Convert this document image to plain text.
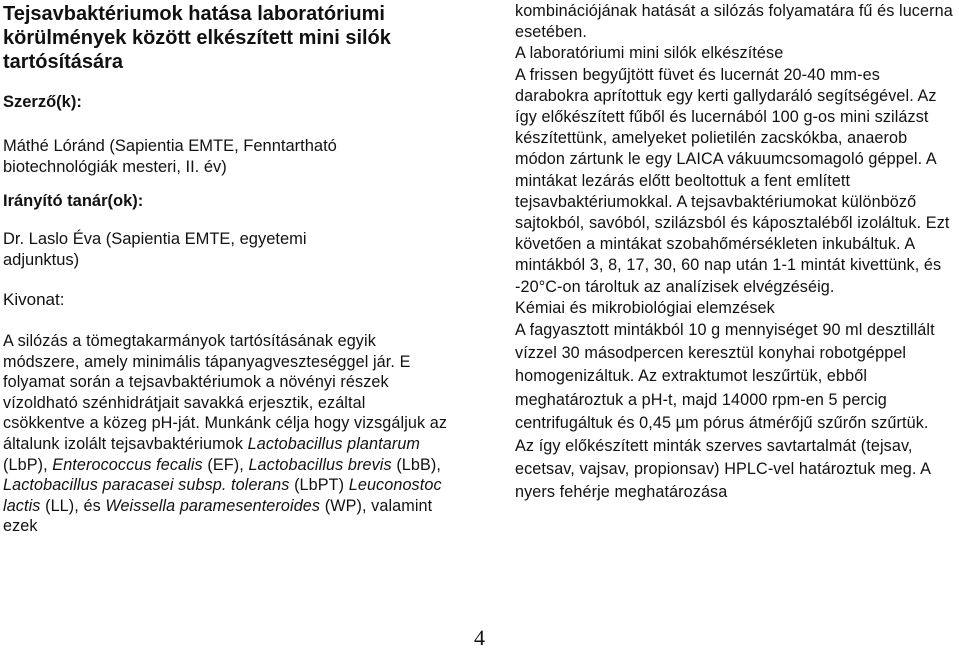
Tejsavbaktériumok hatása laboratóriumi körülmények között elkészített mini silók tartósítására

Szerző(k):

Máthé Lóránd (Sapientia EMTE, Fenntartható biotechnológiák mesteri, II. év)

Irányító tanár(ok):

Dr. Laslo Éva (Sapientia EMTE, egyetemi adjunktus)

Kivonat:

A silózás a tömegtakarmányok tartósításának egyik módszere, amely minimális tápanyagveszteséggel jár. E folyamat során a tejsavbaktériumok a növényi részek vízoldható szénhidrátjait savakká erjesztik, ezáltal csökkentve a közeg pH-ját. Munkánk célja hogy vizsgáljuk az általunk izolált tejsavbaktériumok Lactobacillus plantarum (LbP), Enterococcus fecalis (EF), Lactobacillus brevis (LbB), Lactobacillus paracasei subsp. tolerans (LbPT) Leuconostoc lactis (LL), és Weissella paramesenteroides (WP), valamint ezek

kombinációjának hatását a silózás folyamatára fű és lucerna esetében.

A laboratóriumi mini silók elkészítése

A frissen begyűjtött füvet és lucernát 20-40 mm-es darabokra aprítottuk egy kerti gallydaráló segítségével. Az így előkészített fűből és lucernából 100 g-os mini szilázst készítettünk, amelyeket polietilén zacskókba, anaerob módon zártunk le egy LAICA vákuumcsomagoló géppel. A mintákat lezárás előtt beoltottuk a fent említett tejsavbaktériumokkal. A tejsavbaktériumokat különböző sajtokból, savóból, szilázsból és káposztaléből izoláltuk. Ezt követően a mintákat szobahőmérsékleten inkubáltuk. A mintákból 3, 8, 17, 30, 60 nap után 1-1 mintát kivettünk, és -20°C-on tároltuk az analízisek elvégzéséig.

Kémiai és mikrobiológiai elemzések

A fagyasztott mintákból 10 g mennyiséget 90 ml desztillált vízzel 30 másodpercen keresztül konyhai robotgéppel homogenizáltuk. Az extraktumot leszűrtük, ebből meghatároztuk a pH-t, majd 14000 rpm-en 5 percig centrifugáltuk és 0,45 µm pórus átmérőjű szűrőn szűrtük. Az így előkészített minták szerves savtartalmát (tejsav, ecetsav, vajsav, propionsav) HPLC-vel határoztuk meg. A nyers fehérje meghatározása

4
